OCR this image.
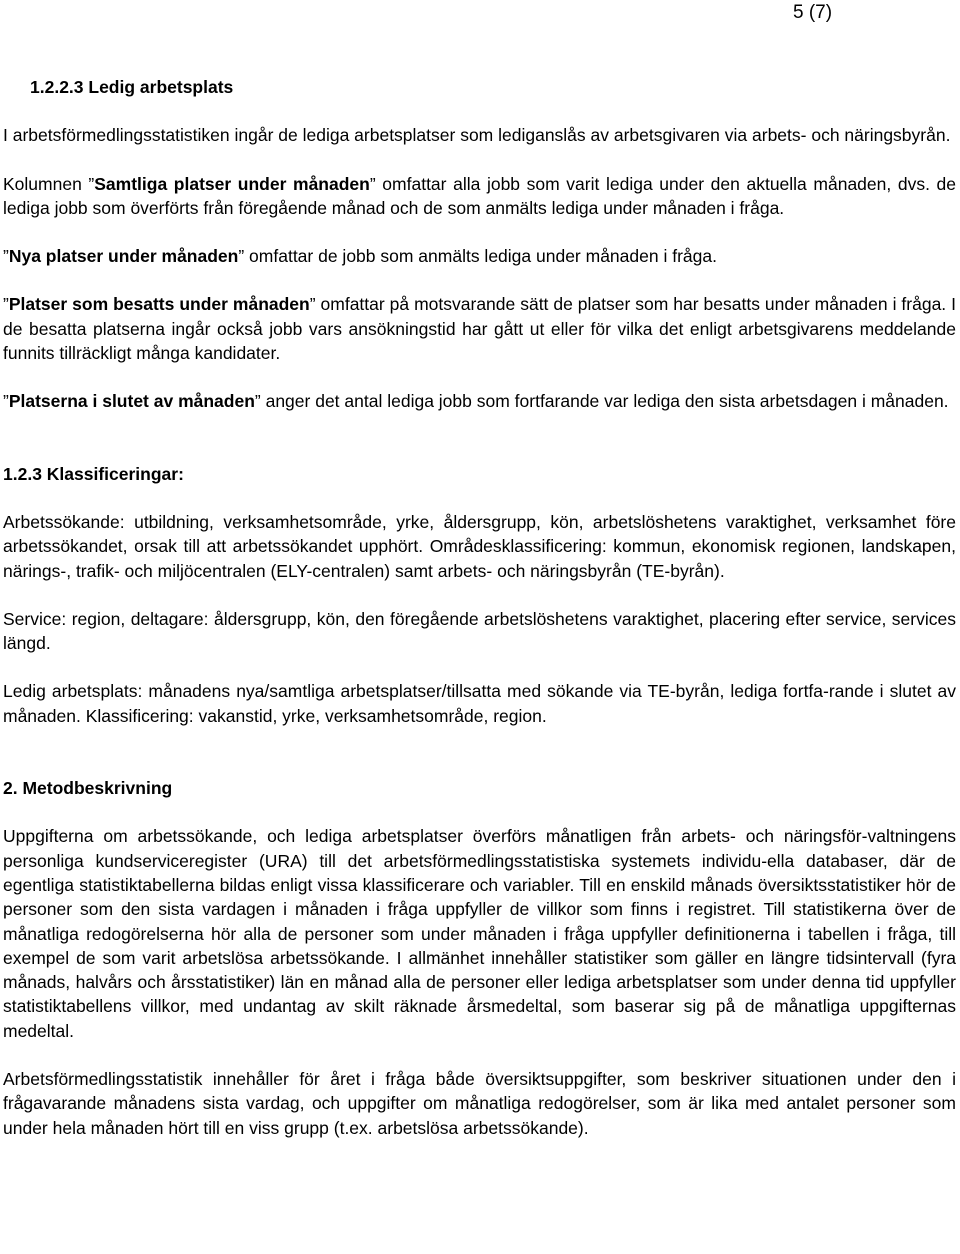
5 (7)
1.2.2.3 Ledig arbetsplats

I arbetsförmedlingsstatistiken ingår de lediga arbetsplatser som lediganslås av arbetsgivaren via arbets- och näringsbyrån.

Kolumnen ”Samtliga platser under månaden” omfattar alla jobb som varit lediga under den aktuella månaden, dvs. de lediga jobb som överförts från föregående månad och de som anmälts lediga under månaden i fråga.

”Nya platser under månaden” omfattar de jobb som anmälts lediga under månaden i fråga.

”Platser som besatts under månaden” omfattar på motsvarande sätt de platser som har besatts under månaden i fråga. I de besatta platserna ingår också jobb vars ansökningstid har gått ut eller för vilka det enligt arbetsgivarens meddelande funnits tillräckligt många kandidater.

”Platserna i slutet av månaden” anger det antal lediga jobb som fortfarande var lediga den sista arbetsdagen i månaden.

1.2.3 Klassificeringar:

Arbetssökande: utbildning, verksamhetsområde, yrke, åldersgrupp, kön, arbetslöshetens varaktighet, verksamhet före arbetssökandet, orsak till att arbetssökandet upphört. Områdesklassificering: kommun, ekonomisk regionen, landskapen, närings-, trafik- och miljöcentralen (ELY-centralen) samt arbets- och näringsbyrån (TE-byrån).

Service: region, deltagare: åldersgrupp, kön, den föregående arbetslöshetens varaktighet, placering efter service, services längd.

Ledig arbetsplats: månadens nya/samtliga arbetsplatser/tillsatta med sökande via TE-byrån, lediga fortfa-rande i slutet av månaden. Klassificering: vakanstid, yrke, verksamhetsområde, region.

2. Metodbeskrivning

Uppgifterna om arbetssökande, och lediga arbetsplatser överförs månatligen från arbets- och näringsför-valtningens personliga kundserviceregister (URA) till det arbetsförmedlingsstatistiska systemets individu-ella databaser, där de egentliga statistiktabellerna bildas enligt vissa klassificerare och variabler. Till en enskild månads översiktsstatistiker hör de personer som den sista vardagen i månaden i fråga uppfyller de villkor som finns i registret. Till statistikerna över de månatliga redogörelserna hör alla de personer som under månaden i fråga uppfyller definitionerna i tabellen i fråga, till exempel de som varit arbetslösa arbetssökande. I allmänhet innehåller statistiker som gäller en längre tidsintervall (fyra månads, halvårs och årsstatistiker) län en månad alla de personer eller lediga arbetsplatser som under denna tid uppfyller statistiktabellens villkor, med undantag av skilt räknade årsmedeltal, som baserar sig på de månatliga uppgifternas medeltal.

Arbetsförmedlingsstatistik innehåller för året i fråga både översiktsuppgifter, som beskriver situationen under den i frågavarande månadens sista vardag, och uppgifter om månatliga redogörelser, som är lika med antalet personer som under hela månaden hört till en viss grupp (t.ex. arbetslösa arbetssökande).
